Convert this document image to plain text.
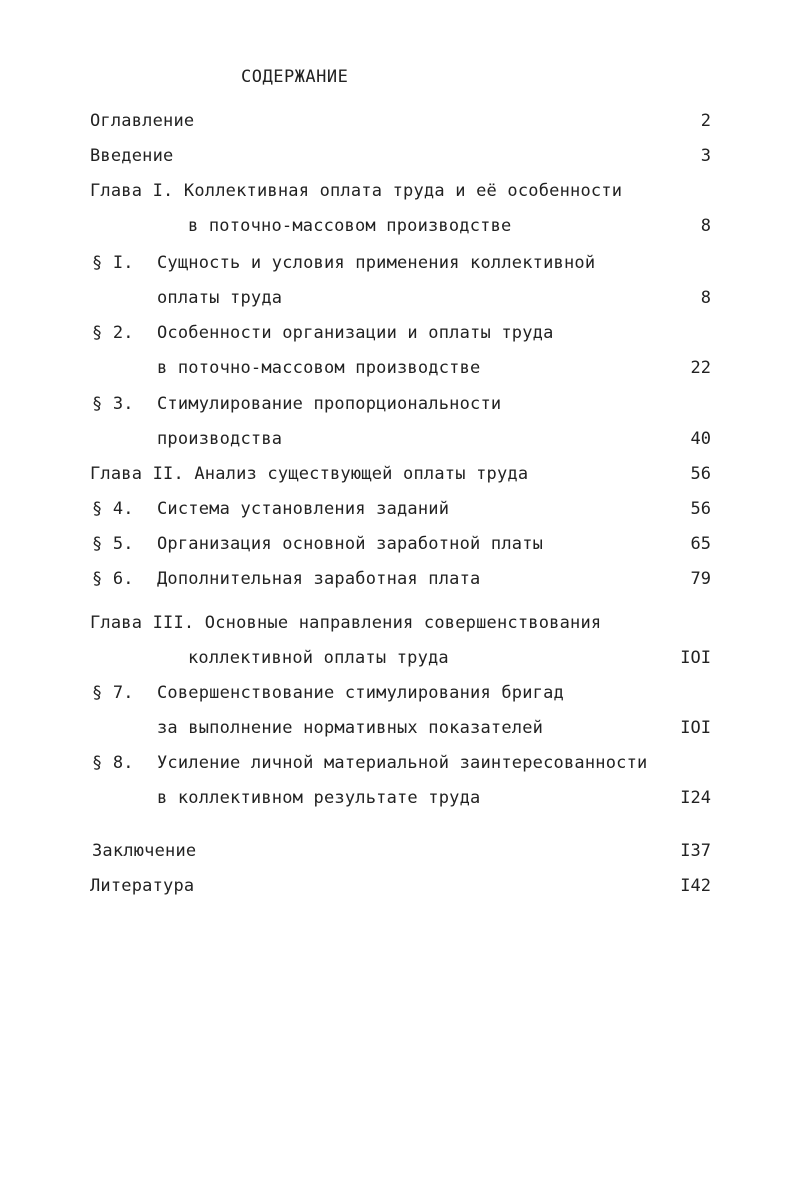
СОДЕРЖАНИЕ
Оглавление	2
Введение	3
Глава I. Коллективная оплата труда и её особенности
в поточно-массовом производстве	8
§ I. Сущность и условия применения коллективной
оплаты труда	8
§ 2. Особенности организации и оплаты труда
в поточно-массовом производстве	22
§ 3. Стимулирование пропорциональности
производства	40
Глава II. Анализ существующей оплаты труда	56
§ 4. Система установления заданий	56
§ 5. Организация основной заработной платы	65
§ 6. Дополнительная заработная плата	79
Глава III. Основные направления совершенствования
коллективной оплаты труда	IOI
§ 7. Совершенствование стимулирования бригад
за выполнение нормативных показателей	IOI
§ 8. Усиление личной материальной заинтересованности
в коллективном результате труда	I24
Заключение	I37
Литература	I42
